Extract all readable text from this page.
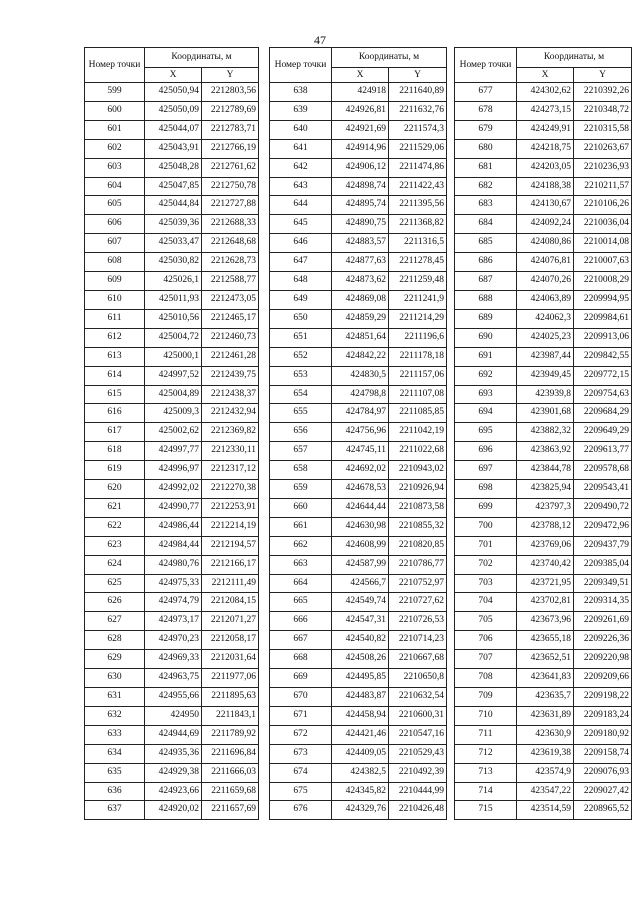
47
Номер точки	Координаты, м	
	X	Y
599	425050,94	2212803,56
600	425050,09	2212789,69
601	425044,07	2212783,71
602	425043,91	2212766,19
603	425048,28	2212761,62
604	425047,85	2212750,78
605	425044,84	2212727,88
606	425039,36	2212688,33
607	425033,47	2212648,68
608	425030,82	2212628,73
609	425026,1	2212588,77
610	425011,93	2212473,05
611	425010,56	2212465,17
612	425004,72	2212460,73
613	425000,1	2212461,28
614	424997,52	2212439,75
615	425004,89	2212438,37
616	425009,3	2212432,94
617	425002,62	2212369,82
618	424997,77	2212330,11
619	424996,97	2212317,12
620	424992,02	2212270,38
621	424990,77	2212253,91
622	424986,44	2212214,19
623	424984,44	2212194,57
624	424980,76	2212166,17
625	424975,33	2212111,49
626	424974,79	2212084,15
627	424973,17	2212071,27
628	424970,23	2212058,17
629	424969,33	2212031,64
630	424963,75	2211977,06
631	424955,66	2211895,63
632	424950	2211843,1
633	424944,69	2211789,92
634	424935,36	2211696,84
635	424929,38	2211666,03
636	424923,66	2211659,68
637	424920,02	2211657,69
Номер точки	Координаты, м	
	X	Y
638	424918	2211640,89
639	424926,81	2211632,76
640	424921,69	2211574,3
641	424914,96	2211529,06
642	424906,12	2211474,86
643	424898,74	2211422,43
644	424895,74	2211395,56
645	424890,75	2211368,82
646	424883,57	2211316,5
647	424877,63	2211278,45
648	424873,62	2211259,48
649	424869,08	2211241,9
650	424859,29	2211214,29
651	424851,64	2211196,6
652	424842,22	2211178,18
653	424830,5	2211157,06
654	424798,8	2211107,08
655	424784,97	2211085,85
656	424756,96	2211042,19
657	424745,11	2211022,68
658	424692,02	2210943,02
659	424678,53	2210926,94
660	424644,44	2210873,58
661	424630,98	2210855,32
662	424608,99	2210820,85
663	424587,99	2210786,77
664	424566,7	2210752,97
665	424549,74	2210727,62
666	424547,31	2210726,53
667	424540,82	2210714,23
668	424508,26	2210667,68
669	424495,85	2210650,8
670	424483,87	2210632,54
671	424458,94	2210600,31
672	424421,46	2210547,16
673	424409,05	2210529,43
674	424382,5	2210492,39
675	424345,82	2210444,99
676	424329,76	2210426,48
Номер точки	Координаты, м	
	X	Y
677	424302,62	2210392,26
678	424273,15	2210348,72
679	424249,91	2210315,58
680	424218,75	2210263,67
681	424203,05	2210236,93
682	424188,38	2210211,57
683	424130,67	2210106,26
684	424092,24	2210036,04
685	424080,86	2210014,08
686	424076,81	2210007,63
687	424070,26	2210008,29
688	424063,89	2209994,95
689	424062,3	2209984,61
690	424025,23	2209913,06
691	423987,44	2209842,55
692	423949,45	2209772,15
693	423939,8	2209754,63
694	423901,68	2209684,29
695	423882,32	2209649,29
696	423863,92	2209613,77
697	423844,78	2209578,68
698	423825,94	2209543,41
699	423797,3	2209490,72
700	423788,12	2209472,96
701	423769,06	2209437,79
702	423740,42	2209385,04
703	423721,95	2209349,51
704	423702,81	2209314,35
705	423673,96	2209261,69
706	423655,18	2209226,36
707	423652,51	2209220,98
708	423641,83	2209209,66
709	423635,7	2209198,22
710	423631,89	2209183,24
711	423630,9	2209180,92
712	423619,38	2209158,74
713	423574,9	2209076,93
714	423547,22	2209027,42
715	423514,59	2208965,52
